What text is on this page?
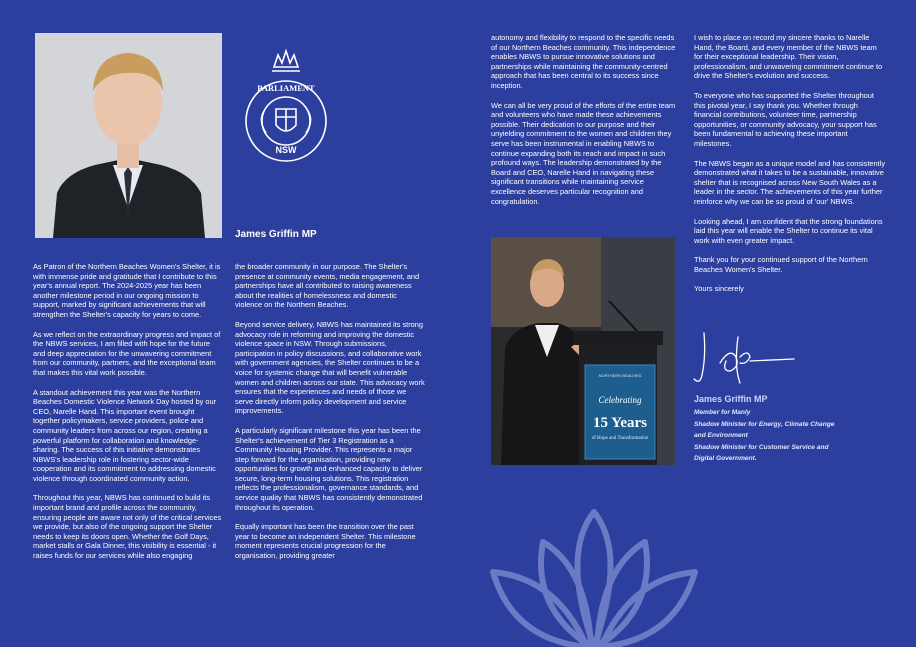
PARLIAMENT
NSW
James Griffin MP

As Patron of the Northern Beaches Women's Shelter, it is with immense pride and gratitude that I contribute to this year's annual report. The 2024-2025 year has been another milestone period in our ongoing mission to support, marked by significant achievements that will strengthen the Shelter's capacity for years to come.

As we reflect on the extraordinary progress and impact of the NBWS services, I am filled with hope for the future and deep appreciation for the unwavering commitment from our community, partners, and the exceptional team that makes this vital work possible.

A standout achievement this year was the Northern Beaches Domestic Violence Network Day hosted by our CEO, Narelle Hand. This important event brought together policymakers, service providers, police and community leaders from across our region, creating a powerful platform for collaboration and knowledge-sharing. The success of this initiative demonstrates NBWS's leadership role in fostering sector-wide cooperation and its commitment to addressing domestic violence through coordinated community action.

Throughout this year, NBWS has continued to build its important brand and profile across the community, ensuring people are aware not only of the critical services we provide, but also of the ongoing support the Shelter needs to keep its doors open. Whether the Golf Days, market stalls or Gala Dinner, this visibility is essential - it raises funds for our services while also engaging

the broader community in our purpose. The Shelter's presence at community events, media engagement, and partnerships have all contributed to raising awareness about the realities of homelessness and domestic violence on the Northern Beaches.

Beyond service delivery, NBWS has maintained its strong advocacy role in reforming and improving the domestic violence space in NSW. Through submissions, participation in policy discussions, and collaborative work with government agencies, the Shelter continues to be a voice for systemic change that will benefit vulnerable women and children across our state. This advocacy work ensures that the experiences and needs of those we serve directly inform policy development and service improvements.

A particularly significant milestone this year has been the Shelter's achievement of Tier 3 Registration as a Community Housing Provider. This represents a major step forward for the organisation, providing new opportunities for growth and enhanced capacity to deliver secure, long-term housing solutions. This registration reflects the professionalism, governance standards, and service quality that NBWS has consistently demonstrated throughout its operation.

Equally important has been the transition over the past year to become an independent Shelter. This milestone moment represents crucial progression for the organisation, providing greater

autonomy and flexibility to respond to the specific needs of our Northern Beaches community. This independence enables NBWS to pursue innovative solutions and partnerships while maintaining the community-centred approach that has been central to its success since inception.

We can all be very proud of the efforts of the entire team and volunteers who have made these achievements possible. Their dedication to our purpose and their unyielding commitment to the women and children they serve has been instrumental in enabling NBWS to continue expanding both its reach and impact in such profound ways. The leadership demonstrated by the Board and CEO, Narelle Hand in navigating these significant transitions while maintaining service excellence deserves particular recognition and congratulation.

NORTHERN BEACHES
Celebrating
15 Years
of Hope and Transformation

I wish to place on record my sincere thanks to Narelle Hand, the Board, and every member of the NBWS team for their exceptional leadership. Their vision, professionalism, and unwavering commitment continue to drive the Shelter's evolution and success.

To everyone who has supported the Shelter throughout this pivotal year, I say thank you. Whether through financial contributions, volunteer time, partnership opportunities, or community advocacy, your support has been fundamental to achieving these important milestones.

The NBWS began as a unique model and has consistently demonstrated what it takes to be a sustainable, innovative shelter that is recognised across New South Wales as a leader in the sector. The achievements of this year further reinforce why we can be so proud of 'our' NBWS.

Looking ahead, I am confident that the strong foundations laid this year will enable the Shelter to continue its vital work with even greater impact.

Thank you for your continued support of the Northern Beaches Women's Shelter.

Yours sincerely

James Griffin MP
Member for Manly
Shadow Minister for Energy, Climate Change
and Environment
Shadow Minister for Customer Service and
Digital Government.
